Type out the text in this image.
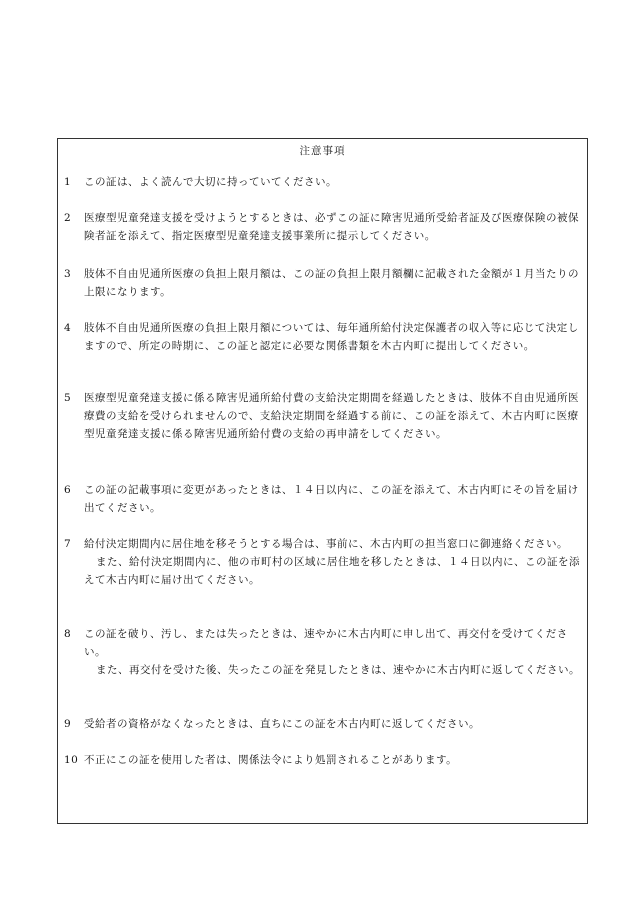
注意事項
1	この証は、よく読んで大切に持っていてください。

2	医療型児童発達支援を受けようとするときは、必ずこの証に障害児通所受給者証及び医療保険の被保険者証を添えて、指定医療型児童発達支援事業所に提示してください。

3	肢体不自由児通所医療の負担上限月額は、この証の負担上限月額欄に記載された金額が１月当たりの上限になります。

4	肢体不自由児通所医療の負担上限月額については、毎年通所給付決定保護者の収入等に応じて決定しますので、所定の時期に、この証と認定に必要な関係書類を木古内町に提出してください。

5	医療型児童発達支援に係る障害児通所給付費の支給決定期間を経過したときは、肢体不自由児通所医療費の支給を受けられませんので、支給決定期間を経過する前に、この証を添えて、木古内町に医療型児童発達支援に係る障害児通所給付費の支給の再申請をしてください。

6	この証の記載事項に変更があったときは、１４日以内に、この証を添えて、木古内町にその旨を届け出てください。

7	給付決定期間内に居住地を移そうとする場合は、事前に、木古内町の担当窓口に御連絡ください。

また、給付決定期間内に、他の市町村の区域に居住地を移したときは、１４日以内に、この証を添えて木古内町に届け出てください。

8	この証を破り、汚し、または失ったときは、速やかに木古内町に申し出て、再交付を受けてください。

また、再交付を受けた後、失ったこの証を発見したときは、速やかに木古内町に返してください。

9	受給者の資格がなくなったときは、直ちにこの証を木古内町に返してください。

10 不正にこの証を使用した者は、関係法令により処罰されることがあります。
